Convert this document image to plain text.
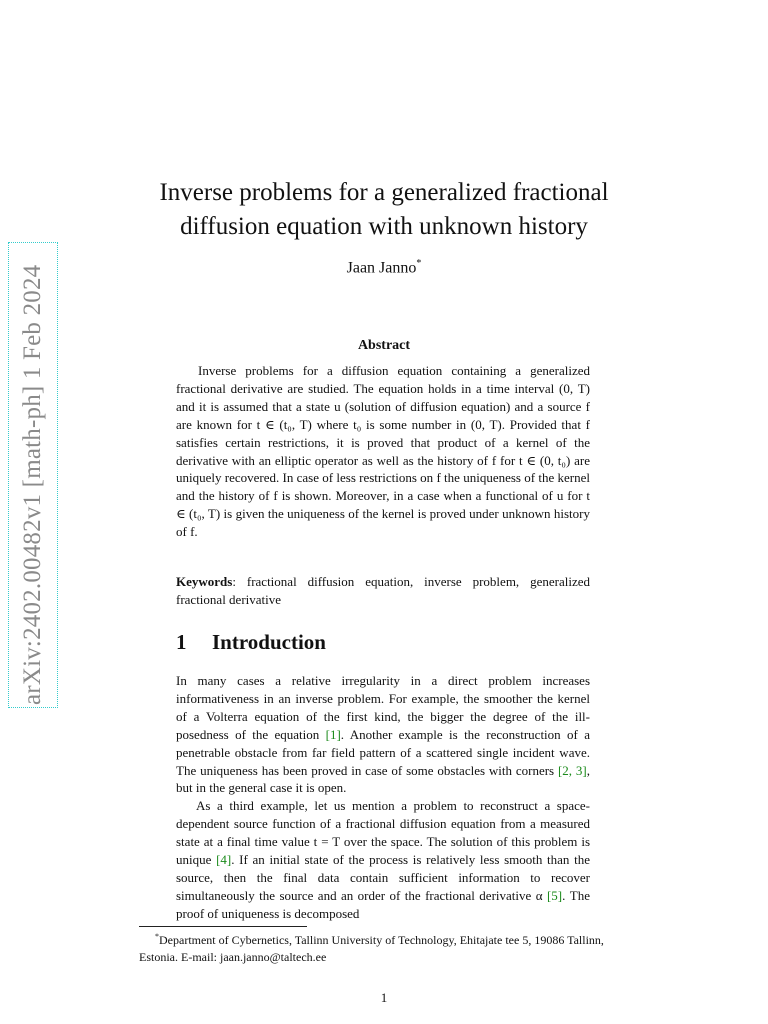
arXiv:2402.00482v1 [math-ph] 1 Feb 2024
Inverse problems for a generalized fractional
diffusion equation with unknown history
Jaan Janno*
Abstract
Inverse problems for a diffusion equation containing a generalized fractional derivative are studied. The equation holds in a time interval (0, T) and it is assumed that a state u (solution of diffusion equation) and a source f are known for t ∈ (t₀, T) where t₀ is some number in (0, T). Provided that f satisfies certain restrictions, it is proved that product of a kernel of the derivative with an elliptic operator as well as the history of f for t ∈ (0, t₀) are uniquely recovered. In case of less restrictions on f the uniqueness of the kernel and the history of f is shown. Moreover, in a case when a functional of u for t ∈ (t₀, T) is given the uniqueness of the kernel is proved under unknown history of f.
Keywords: fractional diffusion equation, inverse problem, generalized fractional derivative
1 Introduction

In many cases a relative irregularity in a direct problem increases informativeness in an inverse problem. For example, the smoother the kernel of a Volterra equation of the first kind, the bigger the degree of the ill-posedness of the equation [1]. Another example is the reconstruction of a penetrable obstacle from far field pattern of a scattered single incident wave. The uniqueness has been proved in case of some obstacles with corners [2, 3], but in the general case it is open.

As a third example, let us mention a problem to reconstruct a space-dependent source function of a fractional diffusion equation from a measured state at a final time value t = T over the space. The solution of this problem is unique [4]. If an initial state of the process is relatively less smooth than the source, then the final data contain sufficient information to recover simultaneously the source and an order of the fractional derivative α [5]. The proof of uniqueness is decomposed

*Department of Cybernetics, Tallinn University of Technology, Ehitajate tee 5, 19086 Tallinn, Estonia. E-mail: jaan.janno@taltech.ee
1
